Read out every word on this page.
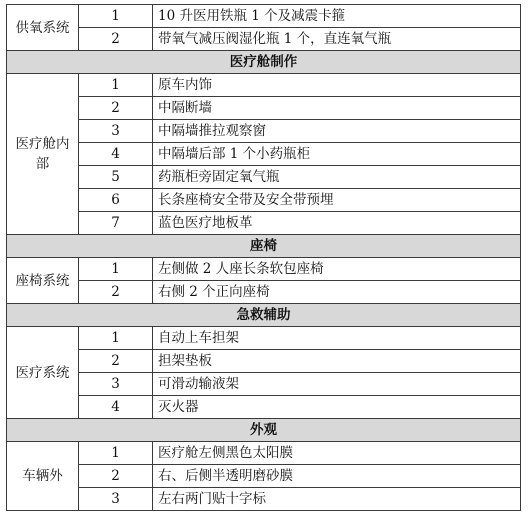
供氧系统	1	10 升医用铁瓶 1 个及减震卡箍
	2	带氧气减压阀湿化瓶 1 个，直连氧气瓶
医疗舱制作		
医疗舱内部	1	原车内饰
	2	中隔断墙
	3	中隔墙推拉观察窗
	4	中隔墙后部 1 个小药瓶柜
	5	药瓶柜旁固定氧气瓶
	6	长条座椅安全带及安全带预埋
	7	蓝色医疗地板革
座椅		
座椅系统	1	左侧做 2 人座长条软包座椅
	2	右侧 2 个正向座椅
急救辅助		
医疗系统	1	自动上车担架
	2	担架垫板
	3	可滑动输液架
	4	灭火器
外观		
车辆外	1	医疗舱左侧黑色太阳膜
	2	右、后侧半透明磨砂膜
	3	左右两门贴十字标
